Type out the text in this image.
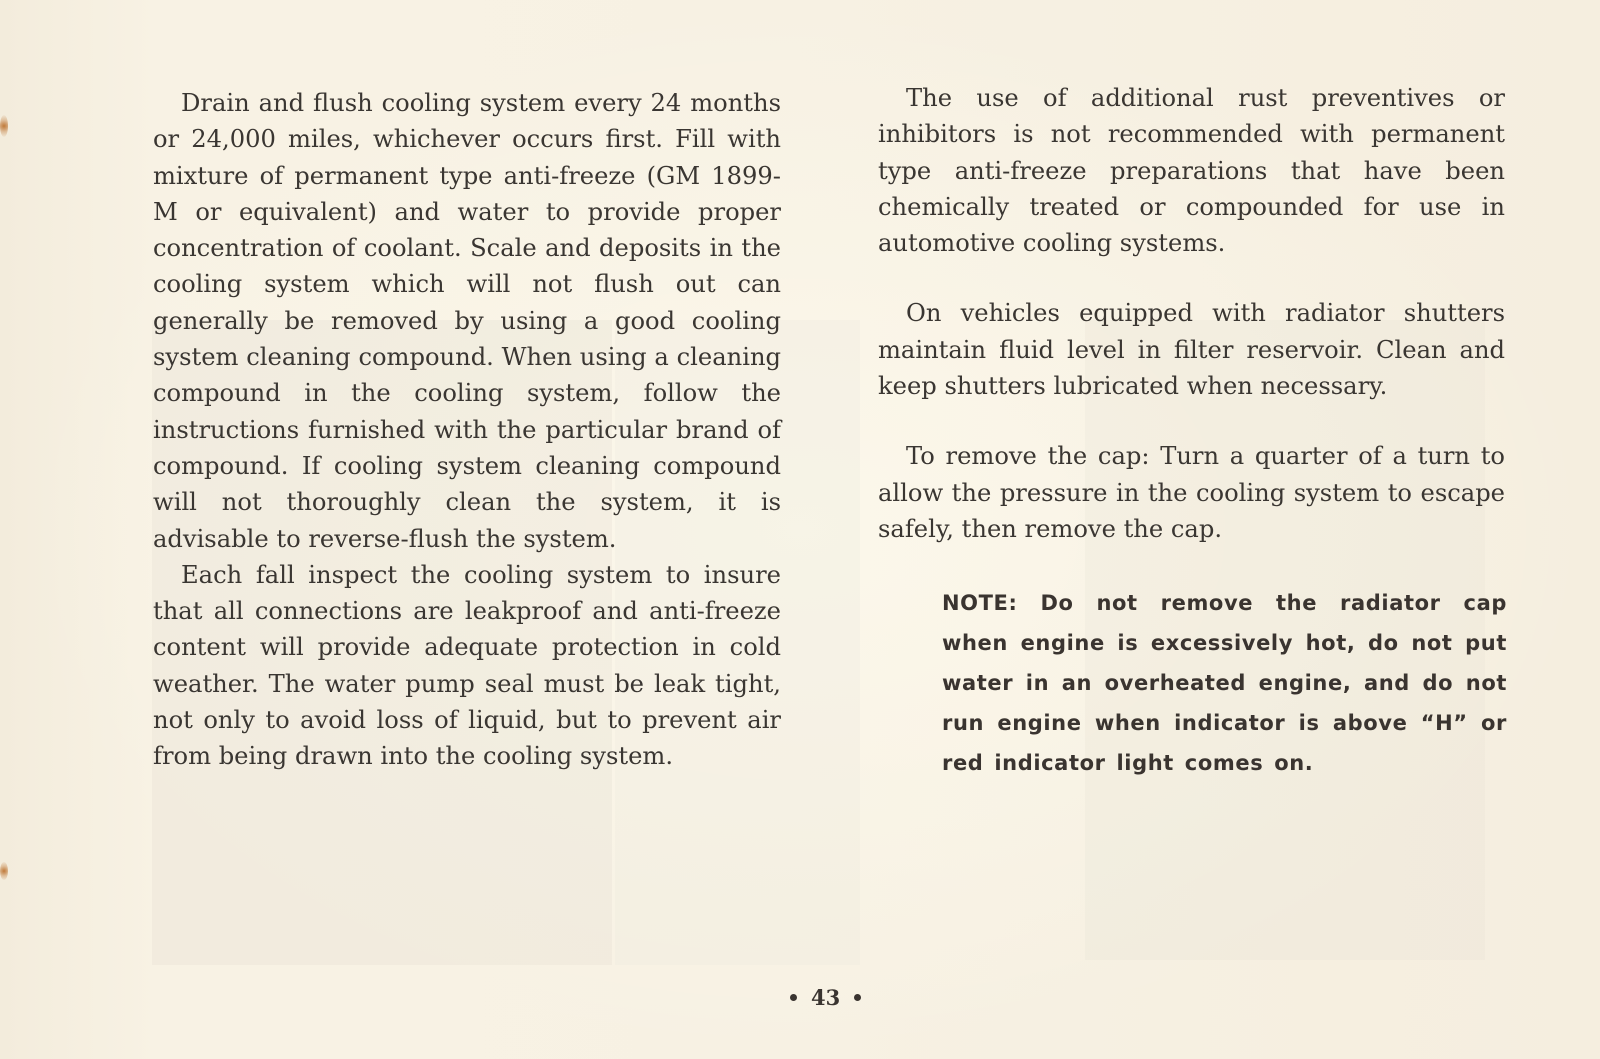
Drain and flush cooling system every 24 months or 24,000 miles, whichever occurs first. Fill with mixture of permanent type anti-freeze (GM 1899-M or equivalent) and water to provide proper concentration of coolant. Scale and deposits in the cooling system which will not flush out can generally be removed by using a good cooling system cleaning compound. When using a cleaning compound in the cooling system, follow the instructions furnished with the particular brand of compound. If cooling system cleaning compound will not thoroughly clean the system, it is advisable to reverse-flush the system.

Each fall inspect the cooling system to insure that all connections are leakproof and anti-freeze content will provide adequate protection in cold weather. The water pump seal must be leak tight, not only to avoid loss of liquid, but to prevent air from being drawn into the cooling system.

The use of additional rust preventives or inhibitors is not recommended with permanent type anti-freeze preparations that have been chemically treated or compounded for use in automotive cooling systems.

On vehicles equipped with radiator shutters maintain fluid level in filter reservoir. Clean and keep shutters lubricated when necessary.

To remove the cap: Turn a quarter of a turn to allow the pressure in the cooling system to escape safely, then remove the cap.

NOTE: Do not remove the radiator cap when engine is excessively hot, do not put water in an overheated engine, and do not run engine when indicator is above “H” or red indicator light comes on.
43
